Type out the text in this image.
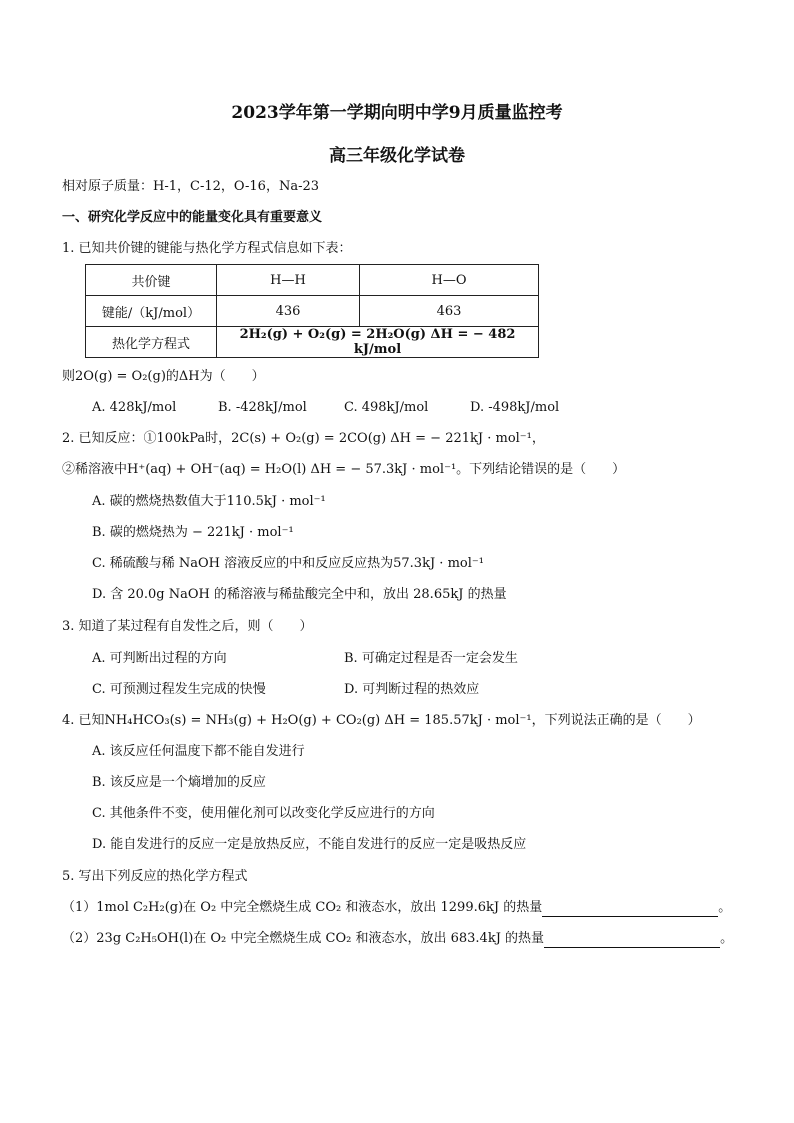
2023学年第一学期向明中学9月质量监控考
高三年级化学试卷
相对原子质量：H-1，C-12，O-16，Na-23
一、研究化学反应中的能量变化具有重要意义
1. 已知共价键的键能与热化学方程式信息如下表：
共价键	H—H	H—O
键能/（kJ/mol）	436	463
热化学方程式	2H₂(g) + O₂(g) = 2H₂O(g) ΔH = − 482 kJ/mol	
则2O(g) = O₂(g)的ΔH为（　　）
A. 428kJ/mol	B. -428kJ/mol	C. 498kJ/mol	D. -498kJ/mol
2. 已知反应：①100kPa时，2C(s) + O₂(g) = 2CO(g) ΔH = − 221kJ · mol⁻¹，
②稀溶液中H⁺(aq) + OH⁻(aq) = H₂O(l) ΔH = − 57.3kJ · mol⁻¹。下列结论错误的是（　　）
A. 碳的燃烧热数值大于110.5kJ · mol⁻¹
B. 碳的燃烧热为 − 221kJ · mol⁻¹
C. 稀硫酸与稀 NaOH 溶液反应的中和反应反应热为57.3kJ · mol⁻¹
D. 含 20.0g NaOH 的稀溶液与稀盐酸完全中和，放出 28.65kJ 的热量
3. 知道了某过程有自发性之后，则（　　）
A. 可判断出过程的方向	B. 可确定过程是否一定会发生
C. 可预测过程发生完成的快慢	D. 可判断过程的热效应
4. 已知NH₄HCO₃(s) = NH₃(g) + H₂O(g) + CO₂(g) ΔH = 185.57kJ · mol⁻¹，下列说法正确的是（　　）
A. 该反应任何温度下都不能自发进行
B. 该反应是一个熵增加的反应
C. 其他条件不变，使用催化剂可以改变化学反应进行的方向
D. 能自发进行的反应一定是放热反应，不能自发进行的反应一定是吸热反应
5. 写出下列反应的热化学方程式
（1）1mol C₂H₂(g)在 O₂ 中完全燃烧生成 CO₂ 和液态水，放出 1299.6kJ 的热量	。
（2）23g C₂H₅OH(l)在 O₂ 中完全燃烧生成 CO₂ 和液态水，放出 683.4kJ 的热量	。
